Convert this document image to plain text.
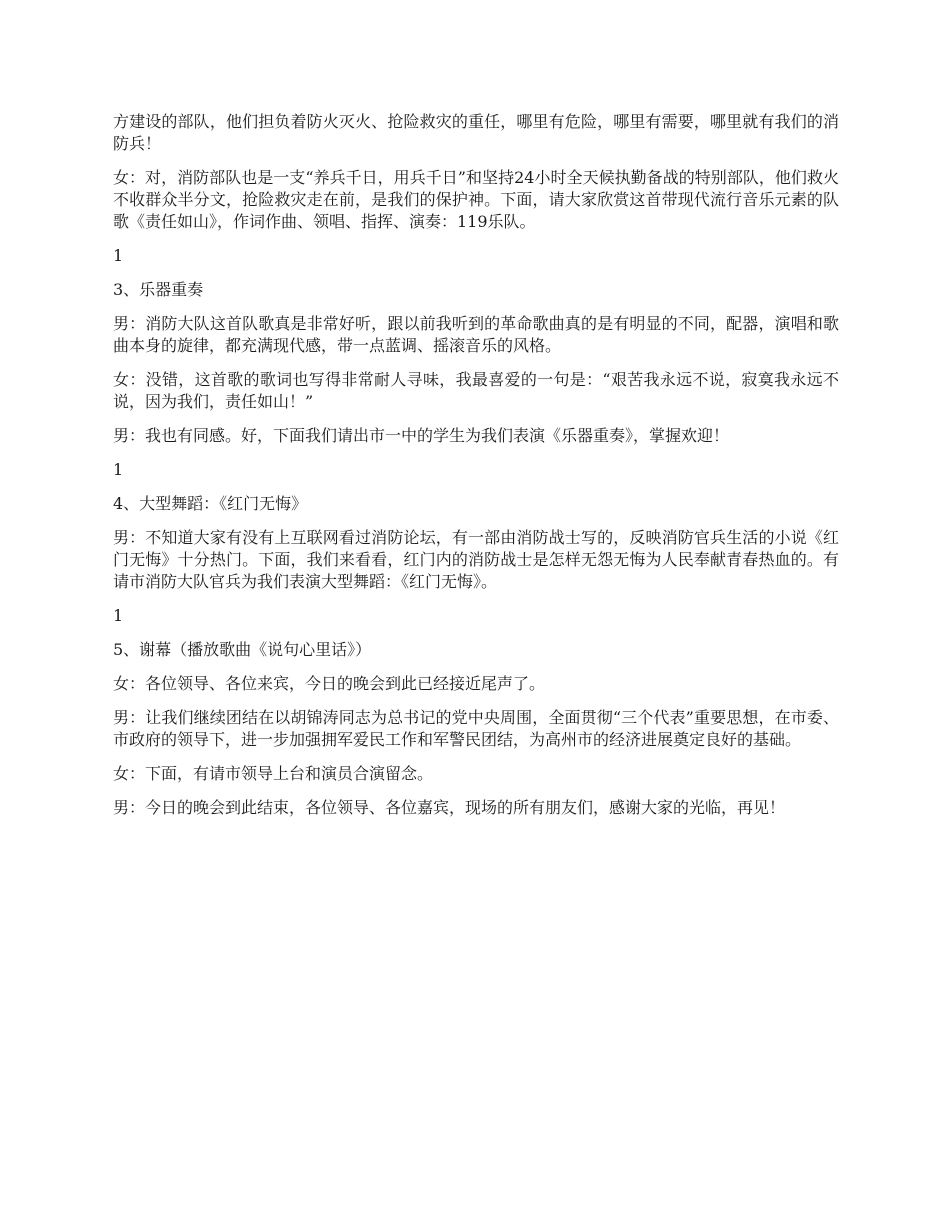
方建设的部队，他们担负着防火灭火、抢险救灾的重任，哪里有危险，哪里有需要，哪里就有我们的消防兵！

女：对，消防部队也是一支“养兵千日，用兵千日”和坚持24小时全天候执勤备战的特别部队，他们救火不收群众半分文，抢险救灾走在前，是我们的保护神。下面，请大家欣赏这首带现代流行音乐元素的队歌《责任如山》，作词作曲、领唱、指挥、演奏：119乐队。

1

3、乐器重奏

男：消防大队这首队歌真是非常好听，跟以前我听到的革命歌曲真的是有明显的不同，配器，演唱和歌曲本身的旋律，都充满现代感，带一点蓝调、摇滚音乐的风格。

女：没错，这首歌的歌词也写得非常耐人寻味，我最喜爱的一句是：“艰苦我永远不说，寂寞我永远不说，因为我们，责任如山！”

男：我也有同感。好，下面我们请出市一中的学生为我们表演《乐器重奏》，掌握欢迎！

1

4、大型舞蹈：《红门无悔》

男：不知道大家有没有上互联网看过消防论坛，有一部由消防战士写的，反映消防官兵生活的小说《红门无悔》十分热门。下面，我们来看看，红门内的消防战士是怎样无怨无悔为人民奉献青春热血的。有请市消防大队官兵为我们表演大型舞蹈：《红门无悔》。

1

5、谢幕（播放歌曲《说句心里话》）

女：各位领导、各位来宾，今日的晚会到此已经接近尾声了。

男：让我们继续团结在以胡锦涛同志为总书记的党中央周围，全面贯彻“三个代表”重要思想，在市委、市政府的领导下，进一步加强拥军爱民工作和军警民团结，为高州市的经济进展奠定良好的基础。

女：下面，有请市领导上台和演员合演留念。

男：今日的晚会到此结束，各位领导、各位嘉宾，现场的所有朋友们，感谢大家的光临，再见！
